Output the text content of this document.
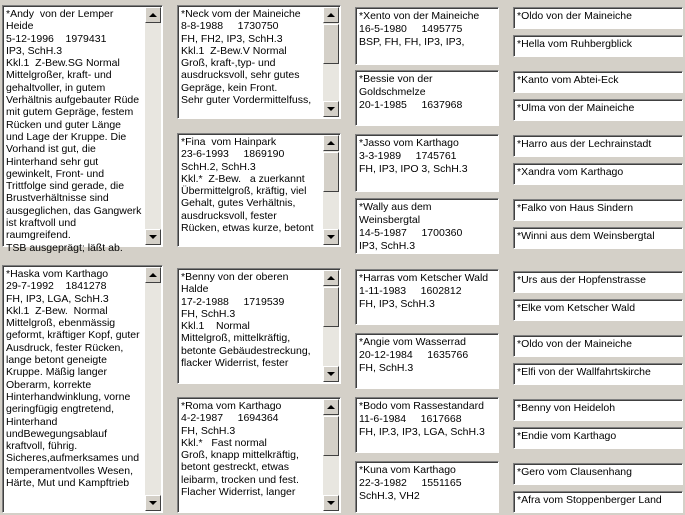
*Andy  von der Lemper Heide
5-12-1996    1979431
IP3, SchH.3
Kkl.1  Z-Bew.SG Normal
Mittelgroßer, kraft- und
gehaltvoller, in gutem
Verhältnis aufgebauter Rüde
mit gutem Gepräge, festem
Rücken und guter Länge
und Lage der Kruppe. Die
Vorhand ist gut, die
Hinterhand sehr gut
gewinkelt, Front- und
Trittfolge sind gerade, die
Brustverhältnisse sind
ausgeglichen, das Gangwerk
ist kraftvoll und raumgreifend.
TSB ausgeprägt; läßt ab.
*Haska vom Karthago
29-7-1992    1841278
FH, IP3, LGA, SchH.3
Kkl.1  Z-Bew.  Normal
Mittelgroß, ebenmässig
geformt, kräftiger Kopf, guter
Ausdruck, fester Rücken,
lange betont geneigte
Kruppe. Mäßig langer
Oberarm, korrekte
Hinterhandwinklung, vorne
geringfügig engtretend,
Hinterhand
undBewegungsablauf
kraftvoll, führig.
Sicheres,aufmerksames und
temperamentvolles Wesen,
Härte, Mut und Kampftrieb
*Neck vom der Maineiche
8-8-1988     1730750
FH, FH2, IP3, SchH.3
Kkl.1  Z-Bew.V Normal
Groß, kraft-,typ- und
ausdrucksvoll, sehr gutes
Gepräge, kein Front.
Sehr guter Vordermittelfuss,
*Fina  vom Hainpark
23-6-1993     1869190
SchH.2, SchH.3
Kkl.*  Z-Bew.   a zuerkannt
Übermittelgroß, kräftig, viel
Gehalt, gutes Verhältnis,
ausdrucksvoll, fester
Rücken, etwas kurze, betont
*Benny von der oberen
Halde
17-2-1988     1719539
FH, SchH.3
Kkl.1    Normal
Mittelgroß, mittelkräftig,
betonte Gebäudestreckung,
flacker Widerrist, fester
*Roma vom Karthago
4-2-1987     1694364
FH, SchH.3
Kkl.*   Fast normal
Groß, knapp mittelkräftig,
betont gestreckt, etwas
leibarm, trocken und fest.
Flacher Widerrist, langer
*Xento von der Maineiche
16-5-1980     1495775
BSP, FH, FH, IP3, IP3,
*Bessie von der
Goldschmelze
20-1-1985     1637968
*Jasso vom Karthago
3-3-1989     1745761
FH, IP3, IPO 3, SchH.3
*Wally aus dem Weinsbergtal
14-5-1987     1700360
IP3, SchH.3
*Harras vom Ketscher Wald
1-11-1983     1602812
FH, IP3, SchH.3
*Angie vom Wasserrad
20-12-1984     1635766
FH, SchH.3
*Bodo vom Rassestandard
11-6-1984     1617668
FH, IP.3, IP3, LGA, SchH.3
*Kuna vom Karthago
22-3-1982     1551165
SchH.3, VH2
*Oldo von der Maineiche
*Hella vom Ruhbergblick
*Kanto vom Abtei-Eck
*Ulma von der Maineiche
*Harro aus der Lechrainstadt
*Xandra vom Karthago
*Falko von Haus Sindern
*Winni aus dem Weinsbergtal
*Urs aus der Hopfenstrasse
*Elke vom Ketscher Wald
*Oldo von der Maineiche
*Elfi von der Wallfahrtskirche
*Benny von Heideloh
*Endie vom Karthago
*Gero vom Clausenhang
*Afra vom Stoppenberger Land
